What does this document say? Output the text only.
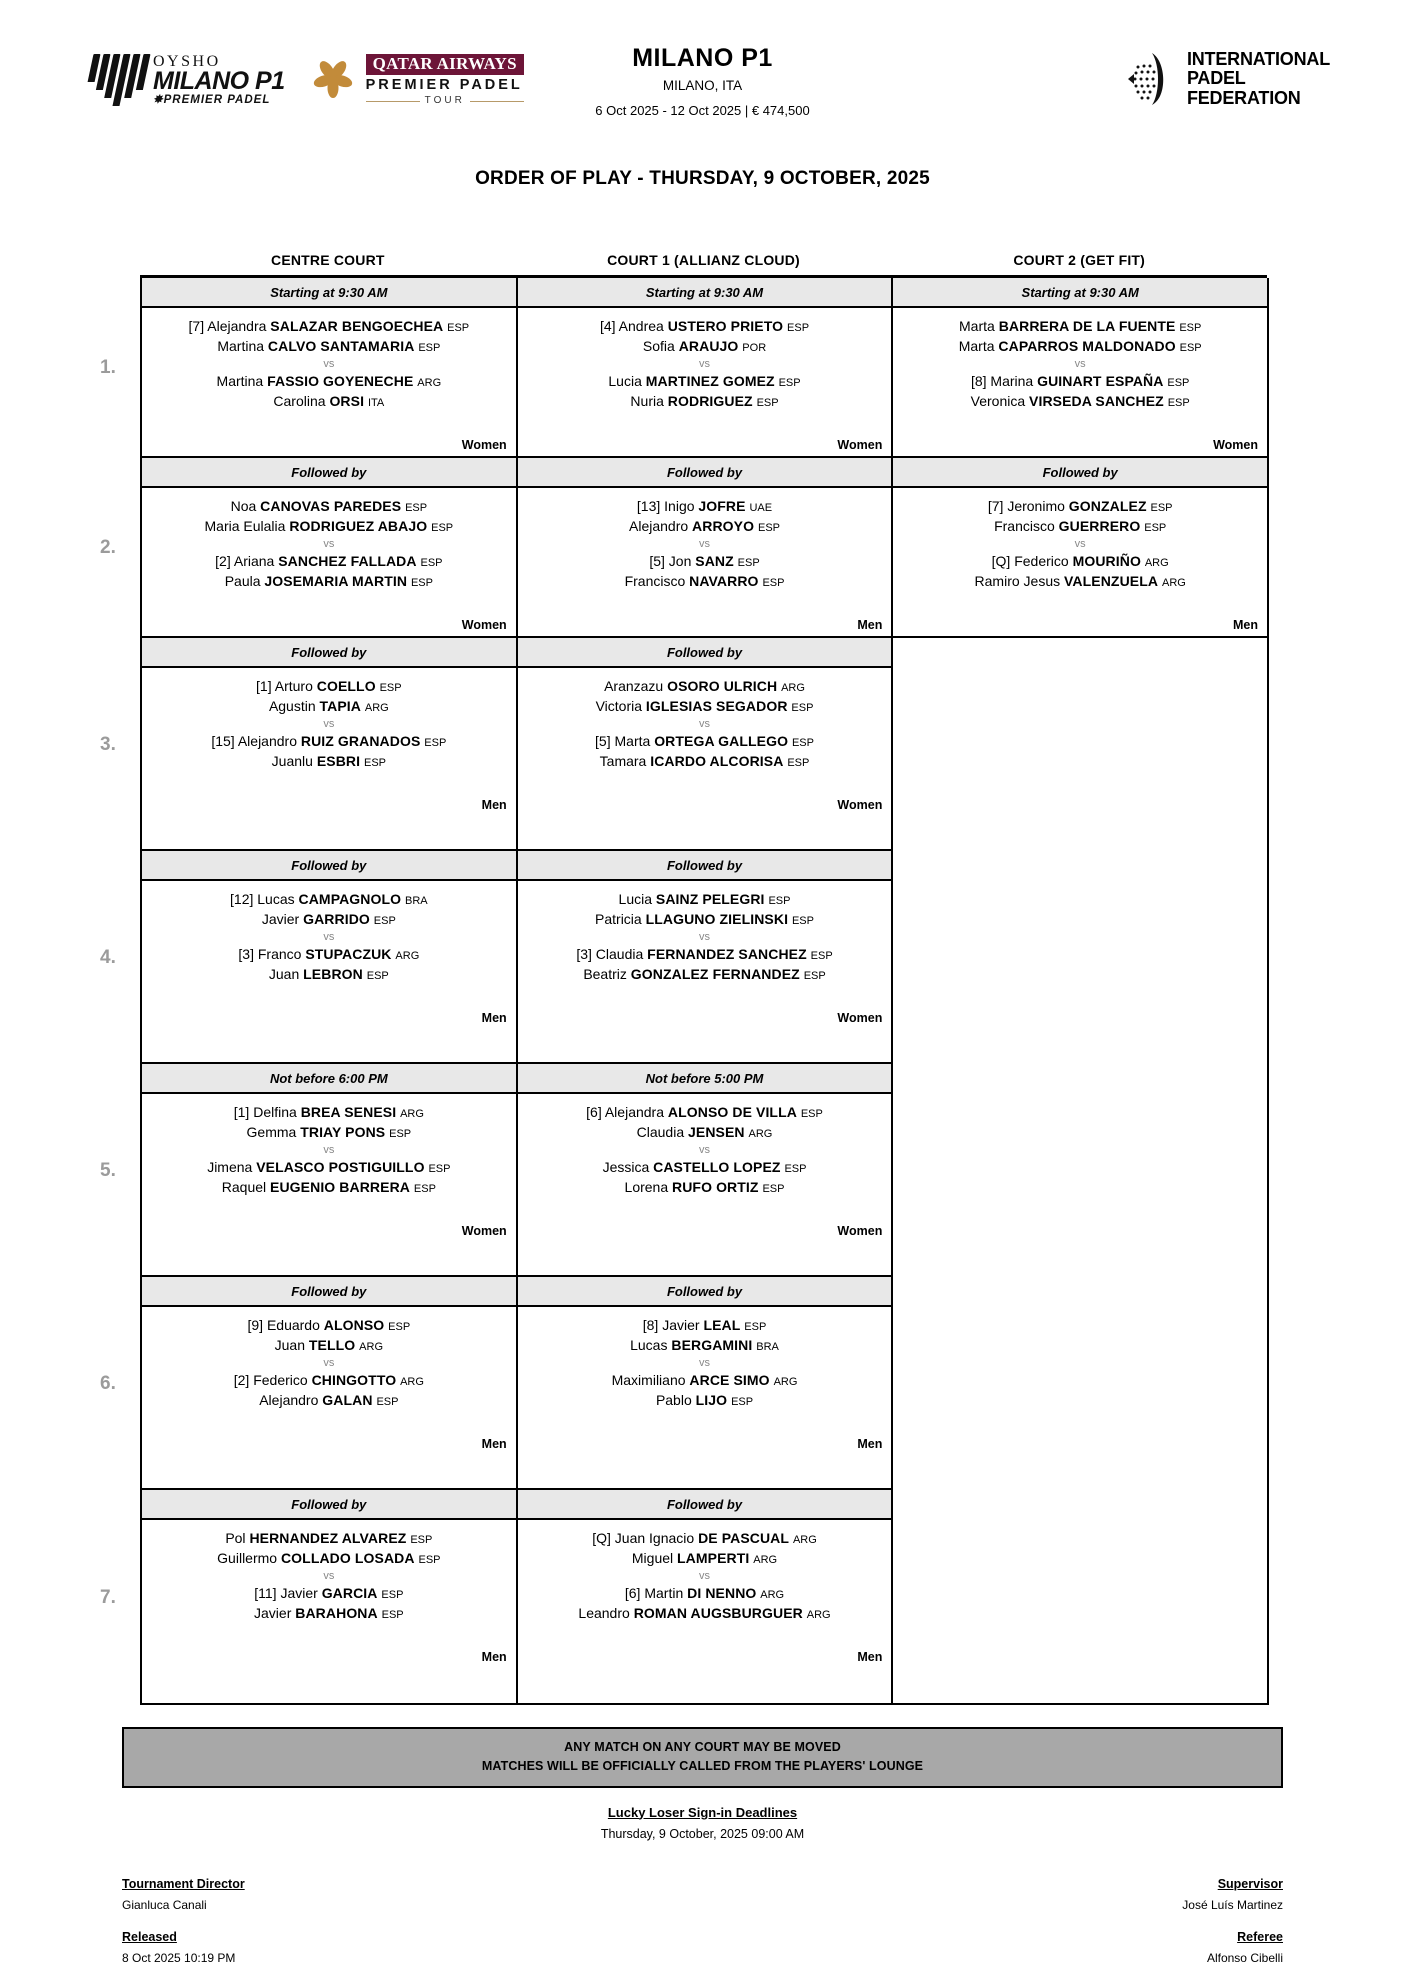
OYSHO
MILANO P1
✸PREMIER PADEL
QATAR AIRWAYS
PREMIER PADEL
TOUR
MILANO P1
MILANO, ITA
6 Oct 2025 - 12 Oct 2025 | € 474,500
INTERNATIONAL
PADEL
FEDERATION
ORDER OF PLAY - THURSDAY, 9 OCTOBER, 2025
CENTRE COURT	COURT 1 (ALLIANZ CLOUD)	COURT 2 (GET FIT)
1.
Starting at 9:30 AM
[7] Alejandra SALAZAR BENGOECHEA ESP
Martina CALVO SANTAMARIA ESP
vs
Martina FASSIO GOYENECHE ARG
Carolina ORSI ITA
Women
Starting at 9:30 AM
[4] Andrea USTERO PRIETO ESP
Sofia ARAUJO POR
vs
Lucia MARTINEZ GOMEZ ESP
Nuria RODRIGUEZ ESP
Women
Starting at 9:30 AM
Marta BARRERA DE LA FUENTE ESP
Marta CAPARROS MALDONADO ESP
vs
[8] Marina GUINART ESPAÑA ESP
Veronica VIRSEDA SANCHEZ ESP
Women
2.
Followed by
Noa CANOVAS PAREDES ESP
Maria Eulalia RODRIGUEZ ABAJO ESP
vs
[2] Ariana SANCHEZ FALLADA ESP
Paula JOSEMARIA MARTIN ESP
Women
Followed by
[13] Inigo JOFRE UAE
Alejandro ARROYO ESP
vs
[5] Jon SANZ ESP
Francisco NAVARRO ESP
Men
Followed by
[7] Jeronimo GONZALEZ ESP
Francisco GUERRERO ESP
vs
[Q] Federico MOURIÑO ARG
Ramiro Jesus VALENZUELA ARG
Men
3.
Followed by
[1] Arturo COELLO ESP
Agustin TAPIA ARG
vs
[15] Alejandro RUIZ GRANADOS ESP
Juanlu ESBRI ESP
Men
Followed by
Aranzazu OSORO ULRICH ARG
Victoria IGLESIAS SEGADOR ESP
vs
[5] Marta ORTEGA GALLEGO ESP
Tamara ICARDO ALCORISA ESP
Women
4.
Followed by
[12] Lucas CAMPAGNOLO BRA
Javier GARRIDO ESP
vs
[3] Franco STUPACZUK ARG
Juan LEBRON ESP
Men
Followed by
Lucia SAINZ PELEGRI ESP
Patricia LLAGUNO ZIELINSKI ESP
vs
[3] Claudia FERNANDEZ SANCHEZ ESP
Beatriz GONZALEZ FERNANDEZ ESP
Women
5.
Not before 6:00 PM
[1] Delfina BREA SENESI ARG
Gemma TRIAY PONS ESP
vs
Jimena VELASCO POSTIGUILLO ESP
Raquel EUGENIO BARRERA ESP
Women
Not before 5:00 PM
[6] Alejandra ALONSO DE VILLA ESP
Claudia JENSEN ARG
vs
Jessica CASTELLO LOPEZ ESP
Lorena RUFO ORTIZ ESP
Women
6.
Followed by
[9] Eduardo ALONSO ESP
Juan TELLO ARG
vs
[2] Federico CHINGOTTO ARG
Alejandro GALAN ESP
Men
Followed by
[8] Javier LEAL ESP
Lucas BERGAMINI BRA
vs
Maximiliano ARCE SIMO ARG
Pablo LIJO ESP
Men
7.
Followed by
Pol HERNANDEZ ALVAREZ ESP
Guillermo COLLADO LOSADA ESP
vs
[11] Javier GARCIA ESP
Javier BARAHONA ESP
Men
Followed by
[Q] Juan Ignacio DE PASCUAL ARG
Miguel LAMPERTI ARG
vs
[6] Martin DI NENNO ARG
Leandro ROMAN AUGSBURGUER ARG
Men
ANY MATCH ON ANY COURT MAY BE MOVED
MATCHES WILL BE OFFICIALLY CALLED FROM THE PLAYERS' LOUNGE
Lucky Loser Sign-in Deadlines
Thursday, 9 October, 2025 09:00 AM
Tournament Director
Gianluca Canali
Released
8 Oct 2025 10:19 PM
Supervisor
José Luís Martinez
Referee
Alfonso Cibelli
